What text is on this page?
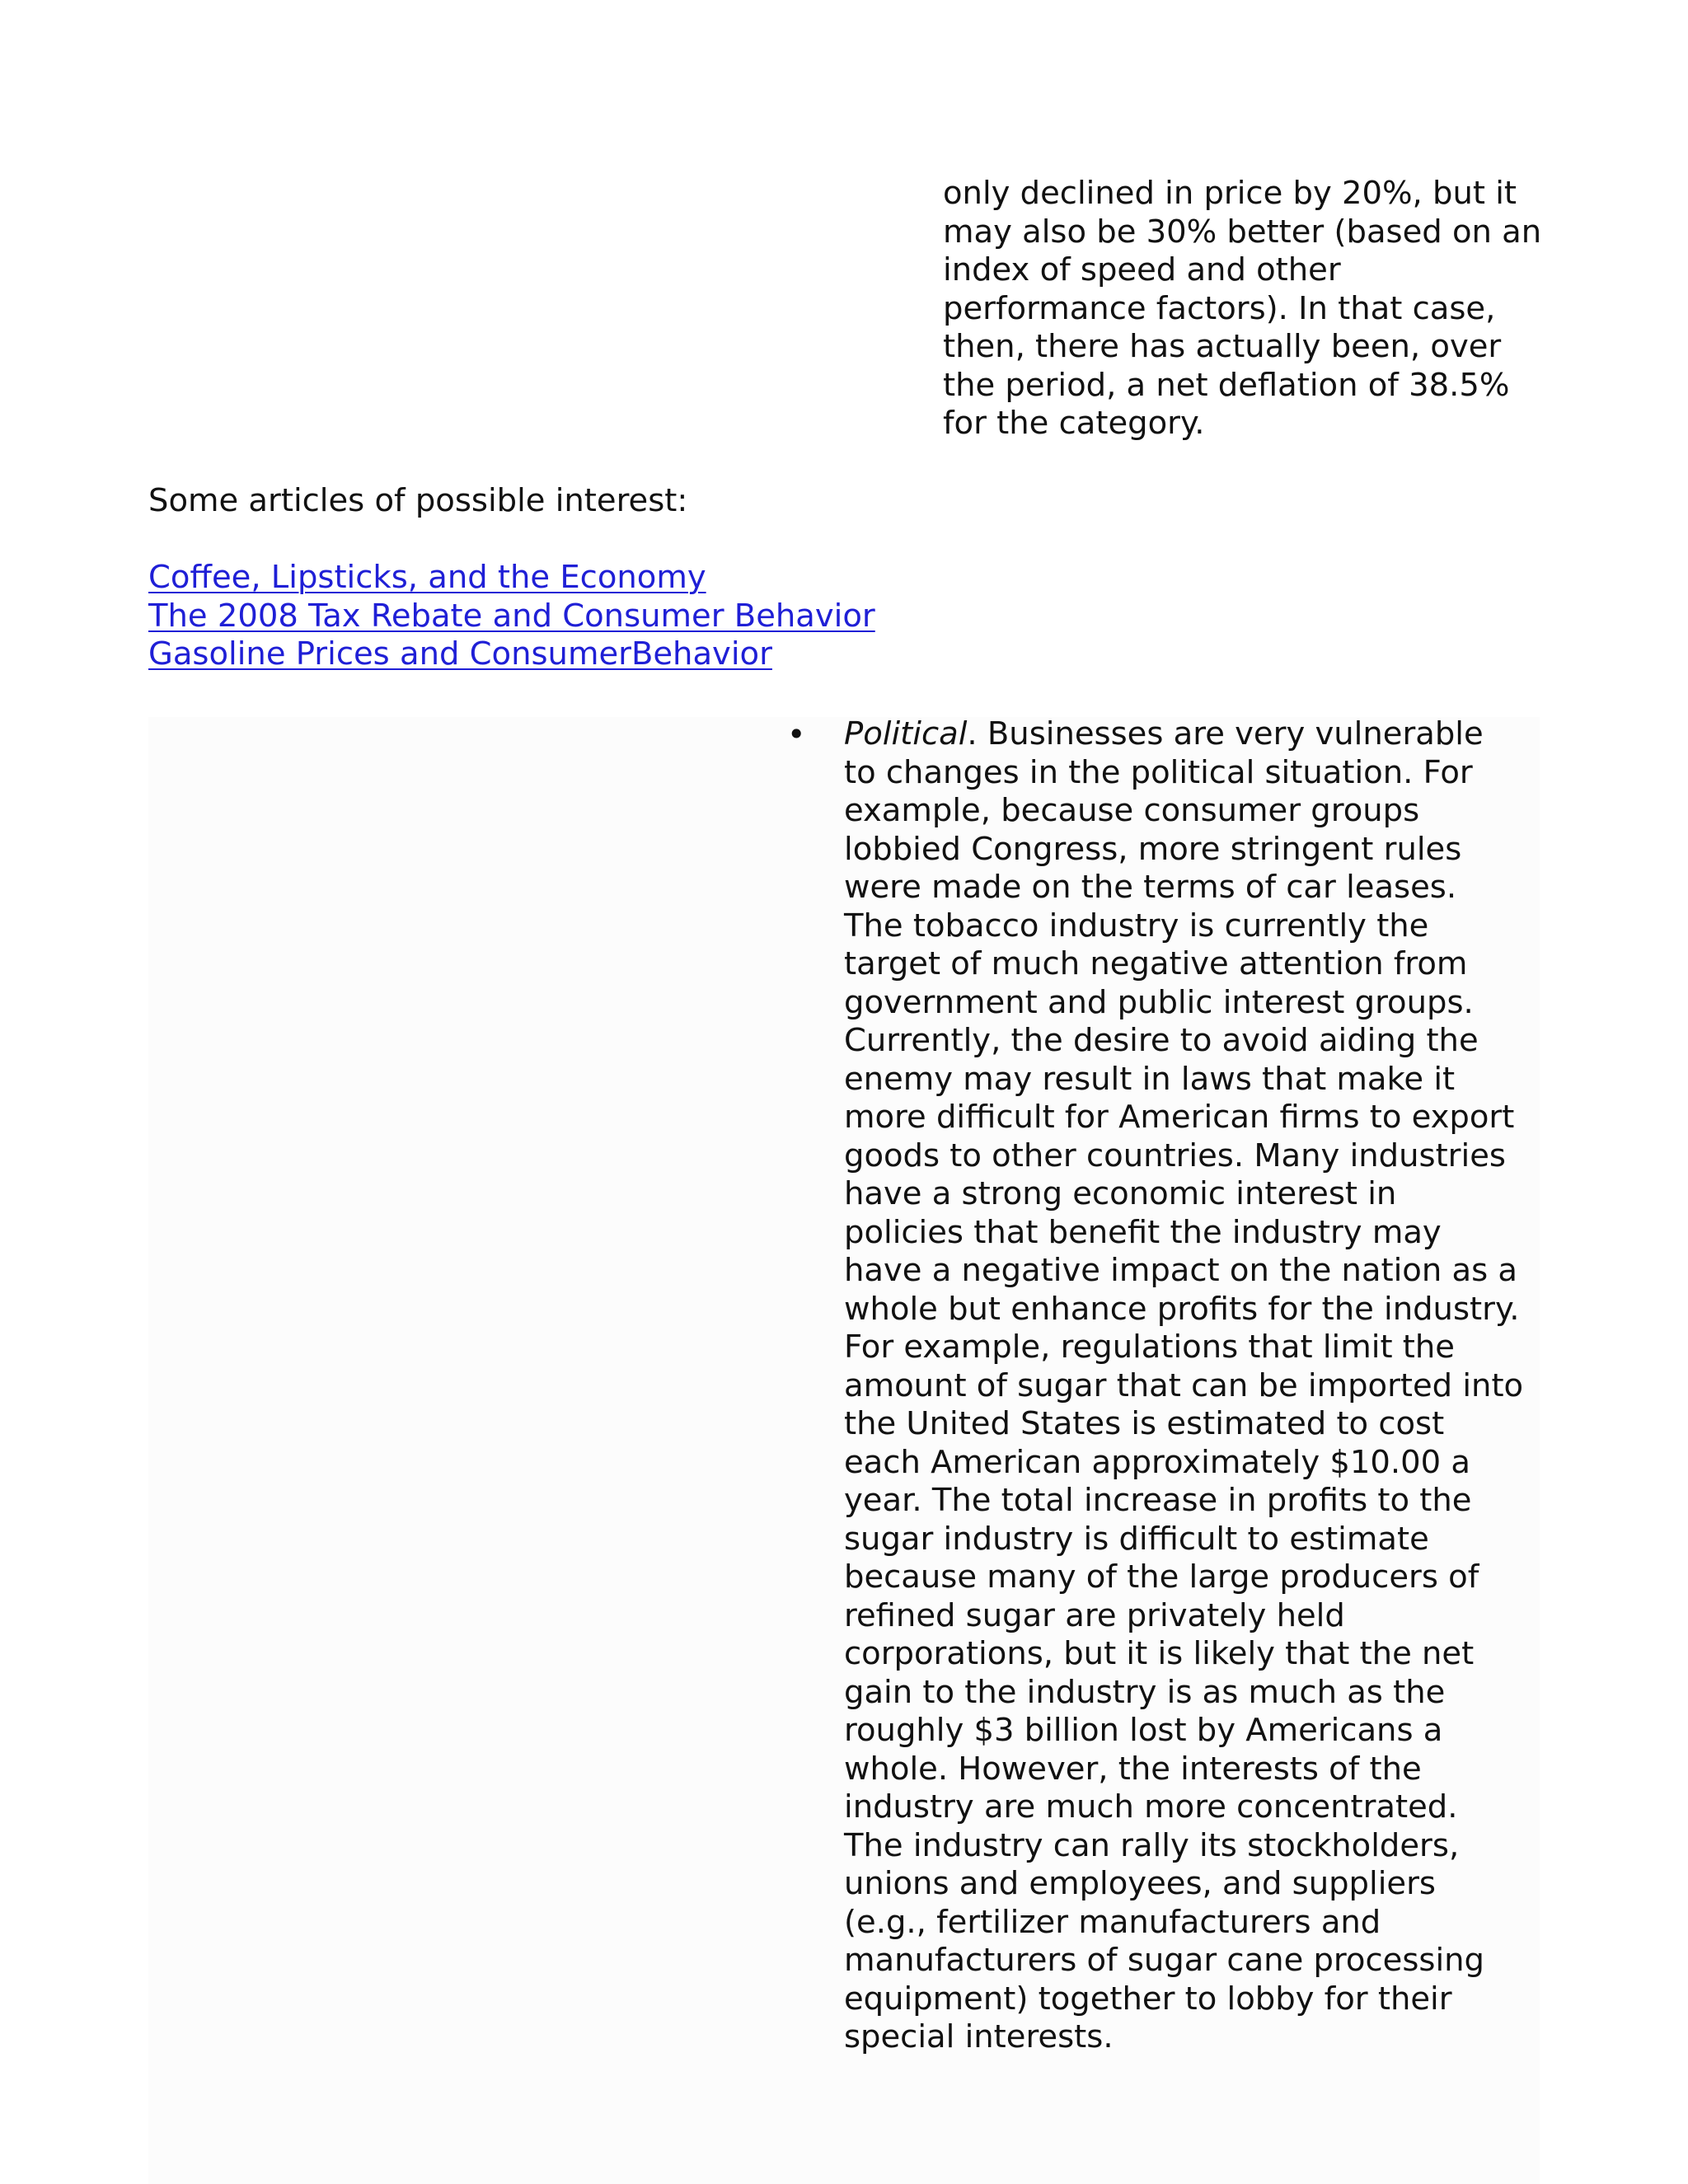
only declined in price by 20%, but it may also be 30% better (based on an index of speed and other performance factors). In that case, then, there has actually been, over the period, a net deflation of 38.5% for the category.

Some articles of possible interest:

Coffee, Lipsticks, and the Economy
The 2008 Tax Rebate and Consumer Behavior
Gasoline Prices and ConsumerBehavior
• Political. Businesses are very vulnerable to changes in the political situation. For example, because consumer groups lobbied Congress, more stringent rules were made on the terms of car leases. The tobacco industry is currently the target of much negative attention from government and public interest groups. Currently, the desire to avoid aiding the enemy may result in laws that make it more difficult for American firms to export goods to other countries. Many industries have a strong economic interest in policies that benefit the industry may have a negative impact on the nation as a whole but enhance profits for the industry. For example, regulations that limit the amount of sugar that can be imported into the United States is estimated to cost each American approximately $10.00 a year. The total increase in profits to the sugar industry is difficult to estimate because many of the large producers of refined sugar are privately held corporations, but it is likely that the net gain to the industry is as much as the roughly $3 billion lost by Americans a whole. However, the interests of the industry are much more concentrated. The industry can rally its stockholders, unions and employees, and suppliers (e.g., fertilizer manufacturers and manufacturers of sugar cane processing equipment) together to lobby for their special interests.
